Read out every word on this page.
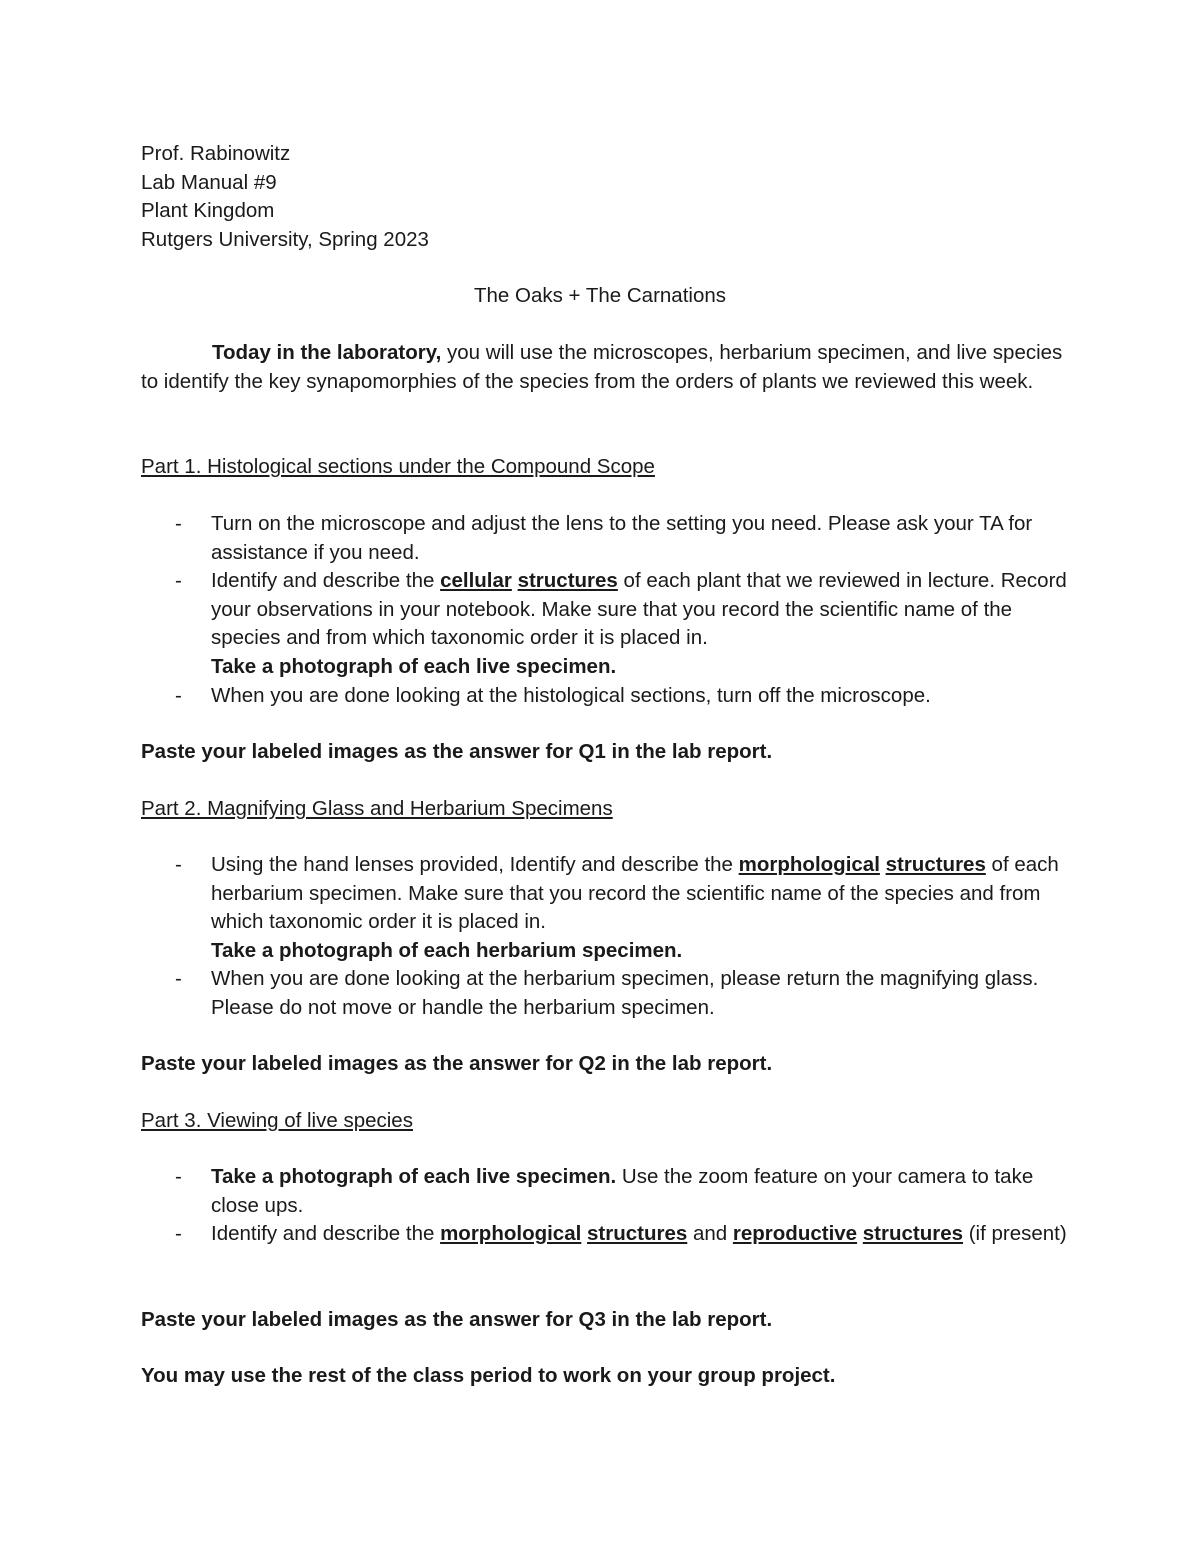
Prof. Rabinowitz
Lab Manual #9
Plant Kingdom
Rutgers University, Spring 2023
The Oaks + The Carnations
Today in the laboratory, you will use the microscopes, herbarium specimen, and live species to identify the key synapomorphies of the species from the orders of plants we reviewed this week.
Part 1. Histological sections under the Compound Scope
- Turn on the microscope and adjust the lens to the setting you need. Please ask your TA for assistance if you need.
- Identify and describe the cellular structures of each plant that we reviewed in lecture. Record your observations in your notebook. Make sure that you record the scientific name of the species and from which taxonomic order it is placed in.
Take a photograph of each live specimen.
- When you are done looking at the histological sections, turn off the microscope.
Paste your labeled images as the answer for Q1 in the lab report.
Part 2. Magnifying Glass and Herbarium Specimens
- Using the hand lenses provided, Identify and describe the morphological structures of each herbarium specimen. Make sure that you record the scientific name of the species and from which taxonomic order it is placed in.
Take a photograph of each herbarium specimen.
- When you are done looking at the herbarium specimen, please return the magnifying glass. Please do not move or handle the herbarium specimen.
Paste your labeled images as the answer for Q2 in the lab report.
Part 3. Viewing of live species
- Take a photograph of each live specimen. Use the zoom feature on your camera to take close ups.
- Identify and describe the morphological structures and reproductive structures (if present)
Paste your labeled images as the answer for Q3 in the lab report.
You may use the rest of the class period to work on your group project.
